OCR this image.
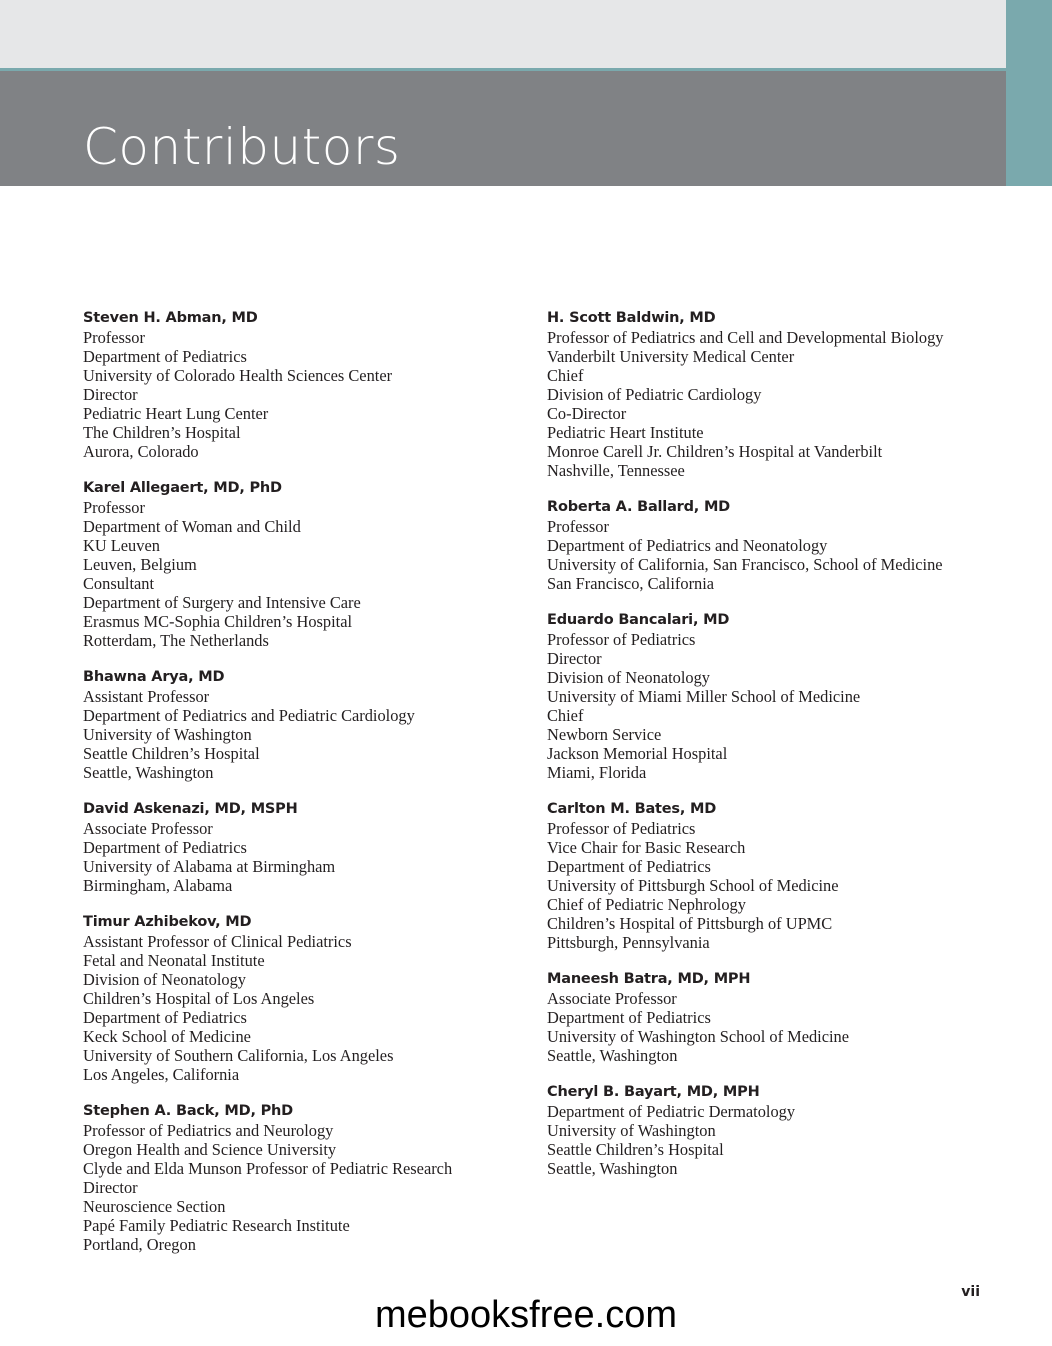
Contributors
Steven H. Abman, MD
Professor
Department of Pediatrics
University of Colorado Health Sciences Center
Director
Pediatric Heart Lung Center
The Children’s Hospital
Aurora, Colorado
Karel Allegaert, MD, PhD
Professor
Department of Woman and Child
KU Leuven
Leuven, Belgium
Consultant
Department of Surgery and Intensive Care
Erasmus MC-Sophia Children’s Hospital
Rotterdam, The Netherlands
Bhawna Arya, MD
Assistant Professor
Department of Pediatrics and Pediatric Cardiology
University of Washington
Seattle Children’s Hospital
Seattle, Washington
David Askenazi, MD, MSPH
Associate Professor
Department of Pediatrics
University of Alabama at Birmingham
Birmingham, Alabama
Timur Azhibekov, MD
Assistant Professor of Clinical Pediatrics
Fetal and Neonatal Institute
Division of Neonatology
Children’s Hospital of Los Angeles
Department of Pediatrics
Keck School of Medicine
University of Southern California, Los Angeles
Los Angeles, California
Stephen A. Back, MD, PhD
Professor of Pediatrics and Neurology
Oregon Health and Science University
Clyde and Elda Munson Professor of Pediatric Research
Director
Neuroscience Section
Papé Family Pediatric Research Institute
Portland, Oregon
H. Scott Baldwin, MD
Professor of Pediatrics and Cell and Developmental Biology
Vanderbilt University Medical Center
Chief
Division of Pediatric Cardiology
Co-Director
Pediatric Heart Institute
Monroe Carell Jr. Children’s Hospital at Vanderbilt
Nashville, Tennessee
Roberta A. Ballard, MD
Professor
Department of Pediatrics and Neonatology
University of California, San Francisco, School of Medicine
San Francisco, California
Eduardo Bancalari, MD
Professor of Pediatrics
Director
Division of Neonatology
University of Miami Miller School of Medicine
Chief
Newborn Service
Jackson Memorial Hospital
Miami, Florida
Carlton M. Bates, MD
Professor of Pediatrics
Vice Chair for Basic Research
Department of Pediatrics
University of Pittsburgh School of Medicine
Chief of Pediatric Nephrology
Children’s Hospital of Pittsburgh of UPMC
Pittsburgh, Pennsylvania
Maneesh Batra, MD, MPH
Associate Professor
Department of Pediatrics
University of Washington School of Medicine
Seattle, Washington
Cheryl B. Bayart, MD, MPH
Department of Pediatric Dermatology
University of Washington
Seattle Children’s Hospital
Seattle, Washington
vii
mebooksfree.com
